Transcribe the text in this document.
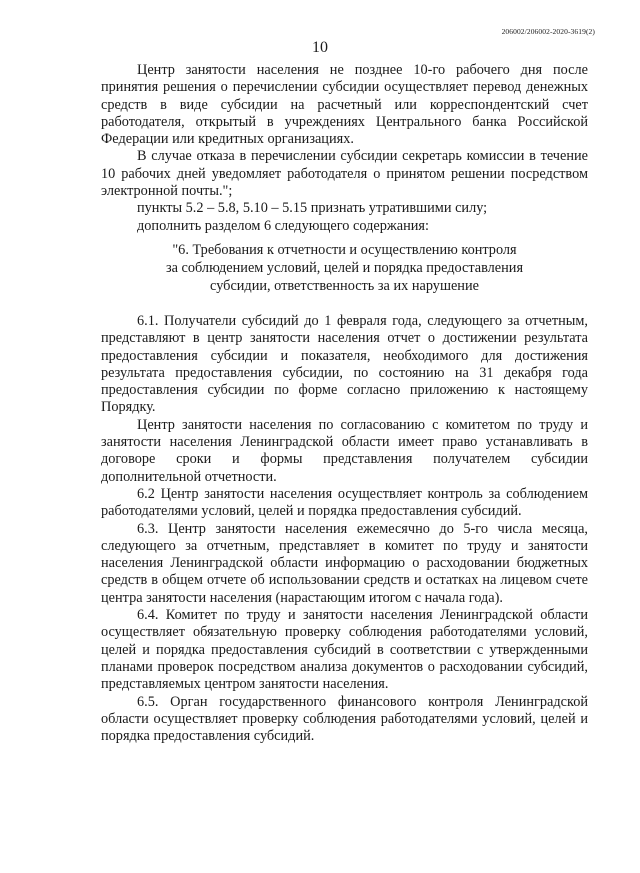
206002/206002-2020-3619(2)
10

Центр занятости населения не позднее 10-го рабочего дня после принятия решения о перечислении субсидии осуществляет перевод денежных средств в виде субсидии на расчетный или корреспондентский счет работодателя, открытый в учреждениях Центрального банка Российской Федерации или кредитных организациях.

В случае отказа в перечислении субсидии секретарь комиссии в течение 10 рабочих дней уведомляет работодателя о принятом решении посредством электронной почты.";

пункты 5.2 – 5.8, 5.10 – 5.15 признать утратившими силу;

дополнить разделом 6 следующего содержания:

"6. Требования к отчетности и осуществлению контроля
за соблюдением условий, целей и порядка предоставления
субсидии, ответственность за их нарушение

6.1. Получатели субсидий до 1 февраля года, следующего за отчетным, представляют в центр занятости населения отчет о достижении результата предоставления субсидии и показателя, необходимого для достижения результата предоставления субсидии, по состоянию на 31 декабря года предоставления субсидии по форме согласно приложению к настоящему Порядку.

Центр занятости населения по согласованию с комитетом по труду и занятости населения Ленинградской области имеет право устанавливать в договоре сроки и формы представления получателем субсидии дополнительной отчетности.

6.2 Центр занятости населения осуществляет контроль за соблюдением работодателями условий, целей и порядка предоставления субсидий.

6.3. Центр занятости населения ежемесячно до 5-го числа месяца, следующего за отчетным, представляет в комитет по труду и занятости населения Ленинградской области информацию о расходовании бюджетных средств в общем отчете об использовании средств и остатках на лицевом счете центра занятости населения (нарастающим итогом с начала года).

6.4. Комитет по труду и занятости населения Ленинградской области осуществляет обязательную проверку соблюдения работодателями условий, целей и порядка предоставления субсидий в соответствии с утвержденными планами проверок посредством анализа документов о расходовании субсидий, представляемых центром занятости населения.

6.5. Орган государственного финансового контроля Ленинградской области осуществляет проверку соблюдения работодателями условий, целей и порядка предоставления субсидий.
